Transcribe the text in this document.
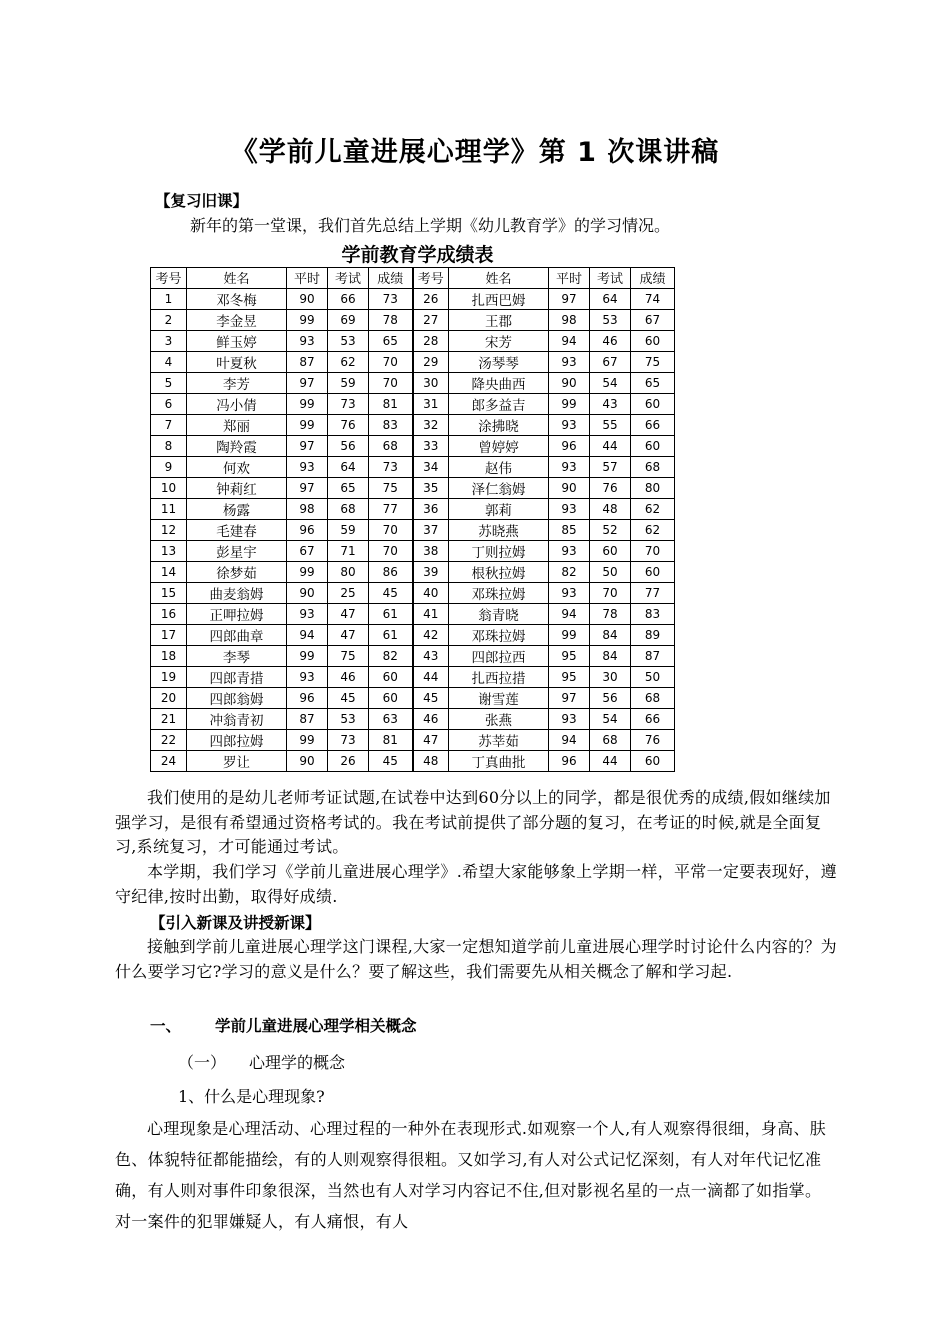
《学前儿童进展心理学》第 1 次课讲稿
【复习旧课】
新年的第一堂课，我们首先总结上学期《幼儿教育学》的学习情况。
学前教育学成绩表
考号	姓名	平时	考试	成绩	考号	姓名	平时	考试	成绩
1	邓冬梅	90	66	73	26	扎西巴姆	97	64	74
2	李金昱	99	69	78	27	王郡	98	53	67
3	鲜玉婷	93	53	65	28	宋芳	94	46	60
4	叶夏秋	87	62	70	29	汤琴琴	93	67	75
5	李芳	97	59	70	30	降央曲西	90	54	65
6	冯小倩	99	73	81	31	郎多益吉	99	43	60
7	郑丽	99	76	83	32	涂拂晓	93	55	66
8	陶羚霞	97	56	68	33	曾婷婷	96	44	60
9	何欢	93	64	73	34	赵伟	93	57	68
10	钟莉红	97	65	75	35	泽仁翁姆	90	76	80
11	杨露	98	68	77	36	郭莉	93	48	62
12	毛建春	96	59	70	37	苏晓燕	85	52	62
13	彭星宇	67	71	70	38	丁则拉姆	93	60	70
14	徐梦茹	99	80	86	39	根秋拉姆	82	50	60
15	曲麦翁姆	90	25	45	40	邓珠拉姆	93	70	77
16	正呷拉姆	93	47	61	41	翁青晓	94	78	83
17	四郎曲章	94	47	61	42	邓珠拉姆	99	84	89
18	李琴	99	75	82	43	四郎拉西	95	84	87
19	四郎青措	93	46	60	44	扎西拉措	95	30	50
20	四郎翁姆	96	45	60	45	谢雪莲	97	56	68
21	冲翁青初	87	53	63	46	张燕	93	54	66
22	四郎拉姆	99	73	81	47	苏莘茹	94	68	76
24	罗让	90	26	45	48	丁真曲批	96	44	60
我们使用的是幼儿老师考证试题,在试卷中达到60分以上的同学，都是很优秀的成绩,假如继续加强学习，是很有希望通过资格考试的。我在考试前提供了部分题的复习，在考证的时候,就是全面复习,系统复习，才可能通过考试。
本学期，我们学习《学前儿童进展心理学》.希望大家能够象上学期一样，平常一定要表现好，遵守纪律,按时出勤，取得好成绩.
【引入新课及讲授新课】
接触到学前儿童进展心理学这门课程,大家一定想知道学前儿童进展心理学时讨论什么内容的？为什么要学习它?学习的意义是什么？要了解这些，我们需要先从相关概念了解和学习起.
一、 学前儿童进展心理学相关概念
（一） 心理学的概念
1、什么是心理现象?
心理现象是心理活动、心理过程的一种外在表现形式.如观察一个人,有人观察得很细，身高、肤色、体貌特征都能描绘，有的人则观察得很粗。又如学习,有人对公式记忆深刻，有人对年代记忆准确，有人则对事件印象很深，当然也有人对学习内容记不住,但对影视名星的一点一滴都了如指掌。对一案件的犯罪嫌疑人，有人痛恨，有人
